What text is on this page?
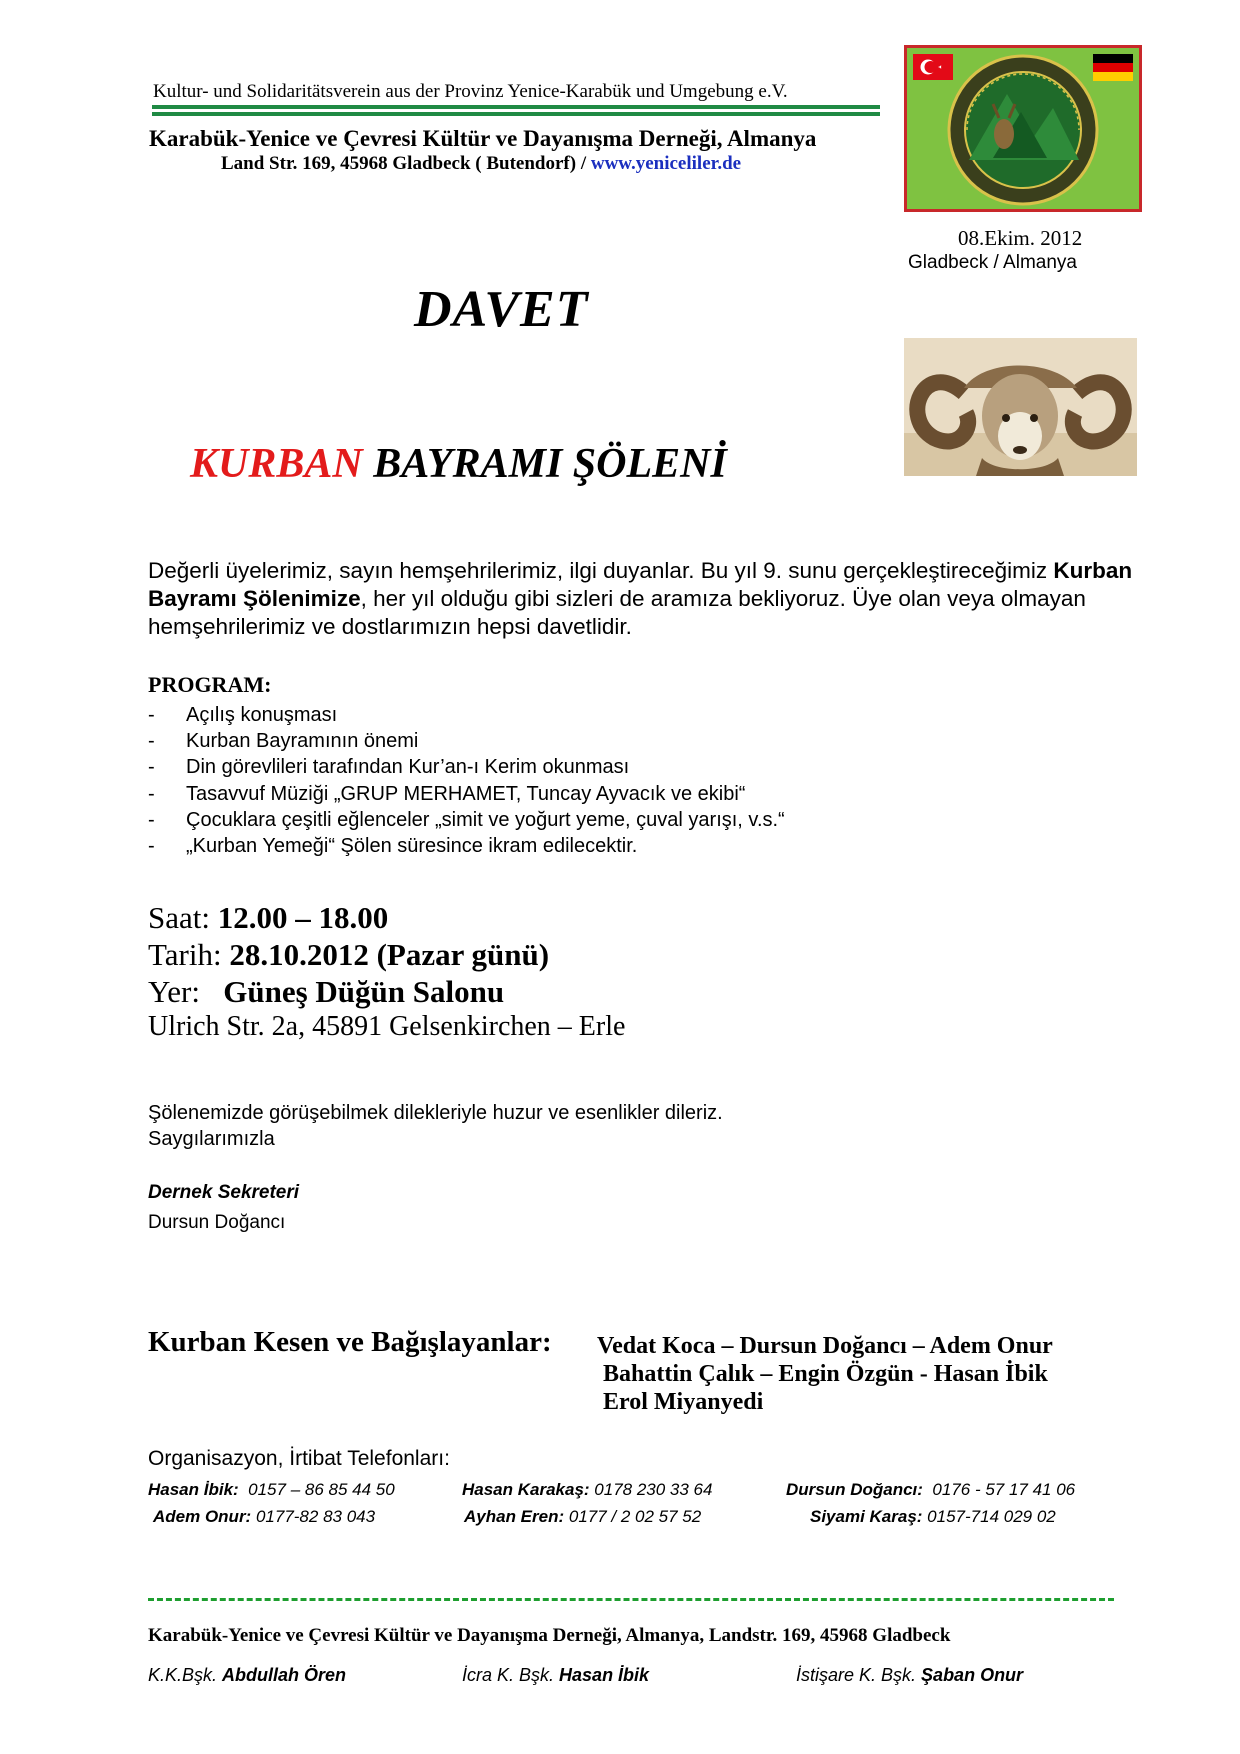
Kultur- und Solidaritätsverein aus der Provinz Yenice-Karabük und Umgebung e.V.
Karabük-Yenice ve Çevresi Kültür ve Dayanışma Derneği, Almanya
Land Str. 169, 45968 Gladbeck ( Butendorf) / www.yeniceliler.de
08.Ekim. 2012
Gladbeck / Almanya
DAVET
KURBAN BAYRAMI ŞÖLENİ
Değerli üyelerimiz, sayın hemşehrilerimiz, ilgi duyanlar. Bu yıl 9. sunu gerçekleştireceğimiz Kurban Bayramı Şölenimize, her yıl olduğu gibi sizleri de aramıza bekliyoruz. Üye olan veya olmayan hemşehrilerimiz ve dostlarımızın hepsi davetlidir.
PROGRAM:
- Açılış konuşması
- Kurban Bayramının önemi
- Din görevlileri tarafından Kur’an-ı Kerim okunması
- Tasavvuf Müziği „GRUP MERHAMET, Tuncay Ayvacık ve ekibi“
- Çocuklara çeşitli eğlenceler „simit ve yoğurt yeme, çuval yarışı, v.s.“
- „Kurban Yemeği“ Şölen süresince ikram edilecektir.
Saat: 12.00 – 18.00
Tarih: 28.10.2012 (Pazar günü)
Yer:   Güneş Düğün Salonu
Ulrich Str. 2a, 45891 Gelsenkirchen – Erle
Şölenemizde görüşebilmek dilekleriyle huzur ve esenlikler dileriz.
Saygılarımızla
Dernek Sekreteri
Dursun Doğancı
Kurban Kesen ve Bağışlayanlar: Vedat Koca – Dursun Doğancı – Adem Onur
Bahattin Çalık – Engin Özgün - Hasan İbik
Erol Miyanyedi
Organisazyon, İrtibat Telefonları:
Hasan İbik:  0157 – 86 85 44 50	Hasan Karakaş: 0178 230 33 64	Dursun Doğancı:  0176 - 57 17 41 06
Adem Onur: 0177-82 83 043	Ayhan Eren: 0177 / 2 02 57 52	Siyami Karaş: 0157-714 029 02
Karabük-Yenice ve Çevresi Kültür ve Dayanışma Derneği, Almanya, Landstr. 169, 45968 Gladbeck
K.K.Bşk. Abdullah Ören	İcra K. Bşk. Hasan İbik	İstişare K. Bşk. Şaban Onur
